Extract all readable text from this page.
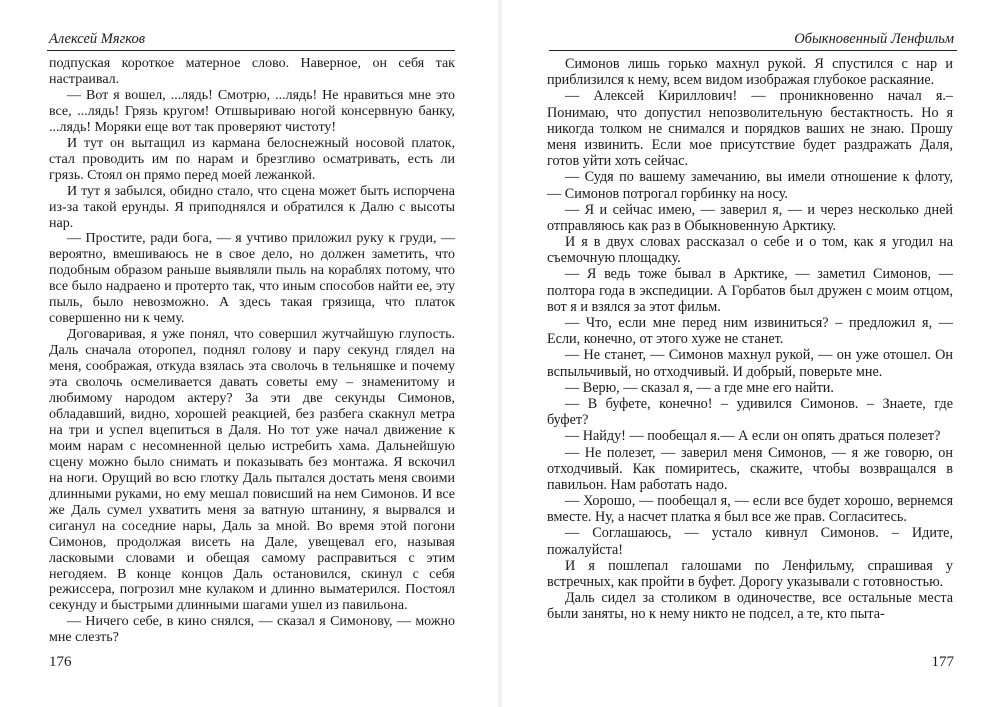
Алексей Мягков

подпуская короткое матерное слово. Наверное, он себя так настраивал.

— Вот я вошел, ...лядь! Смотрю, ...лядь! Не нравиться мне это все, ...лядь! Грязь кругом! Отшвыриваю ногой консервную банку, ...лядь! Моряки еще вот так проверяют чистоту!

И тут он вытащил из кармана белоснежный носовой платок, стал проводить им по нарам и брезгливо осматривать, есть ли грязь. Стоял он прямо перед моей лежанкой.

И тут я забылся, обидно стало, что сцена может быть испорчена из-за такой ерунды. Я приподнялся и обратился к Далю с высоты нар.

— Простите, ради бога, — я учтиво приложил руку к груди, — вероятно, вмешиваюсь не в свое дело, но должен заметить, что подобным образом раньше выявляли пыль на кораблях потому, что все было надраено и протерто так, что иным способов найти ее, эту пыль, было невозможно. А здесь такая грязища, что платок совершенно ни к чему.

Договаривая, я уже понял, что совершил жутчайшую глупость. Даль сначала оторопел, поднял голову и пару секунд глядел на меня, соображая, откуда взялась эта сволочь в тельняшке и почему эта сволочь осмеливается давать советы ему – знаменитому и любимому народом актеру? За эти две секунды Симонов, обладавший, видно, хорошей реакцией, без разбега скакнул метра на три и успел вцепиться в Даля. Но тот уже начал движение к моим нарам с несомненной целью истребить хама. Дальнейшую сцену можно было снимать и показывать без монтажа. Я вскочил на ноги. Орущий во всю глотку Даль пытался достать меня своими длинными руками, но ему мешал повисший на нем Симонов. И все же Даль сумел ухватить меня за ватную штанину, я вырвался и сиганул на соседние нары, Даль за мной. Во время этой погони Симонов, продолжая висеть на Дале, увещевал его, называя ласковыми словами и обещая самому расправиться с этим негодяем. В конце концов Даль остановился, скинул с себя режиссера, погрозил мне кулаком и длинно выматерился. Постоял секунду и быстрыми длинными шагами ушел из павильона.

— Ничего себе, в кино снялся, — сказал я Симонову, — можно мне слезть?

176
Обыкновенный Ленфильм

Симонов лишь горько махнул рукой. Я спустился с нар и приблизился к нему, всем видом изображая глубокое раскаяние.

— Алексей Кириллович! — проникновенно начал я.– Понимаю, что допустил непозволительную бестактность. Но я никогда толком не снимался и порядков ваших не знаю. Прошу меня извинить. Если мое присутствие будет раздражать Даля, готов уйти хоть сейчас.

— Судя по вашему замечанию, вы имели отношение к флоту, — Симонов потрогал горбинку на носу.

— Я и сейчас имею, — заверил я, — и через несколько дней отправляюсь как раз в Обыкновенную Арктику.

И я в двух словах рассказал о себе и о том, как я угодил на съемочную площадку.

— Я ведь тоже бывал в Арктике, — заметил Симонов, — полтора года в экспедиции. А Горбатов был дружен с моим отцом, вот я и взялся за этот фильм.

— Что, если мне перед ним извиниться? – предложил я, — Если, конечно, от этого хуже не станет.

— Не станет, — Симонов махнул рукой, — он уже отошел. Он вспыльчивый, но отходчивый. И добрый, поверьте мне.

— Верю, — сказал я, — а где мне его найти.

— В буфете, конечно! – удивился Симонов. – Знаете, где буфет?

— Найду! — пообещал я.— А если он опять драться полезет?

— Не полезет, — заверил меня Симонов, — я же говорю, он отходчивый. Как помиритесь, скажите, чтобы возвращался в павильон. Нам работать надо.

— Хорошо, — пообещал я, — если все будет хорошо, вернемся вместе. Ну, а насчет платка я был все же прав. Согласитесь.

— Соглашаюсь, — устало кивнул Симонов. – Идите, пожалуйста!

И я пошлепал галошами по Ленфильму, спрашивая у встречных, как пройти в буфет. Дорогу указывали с готовностью.

Даль сидел за столиком в одиночестве, все остальные места были заняты, но к нему никто не подсел, а те, кто пыта-

177
